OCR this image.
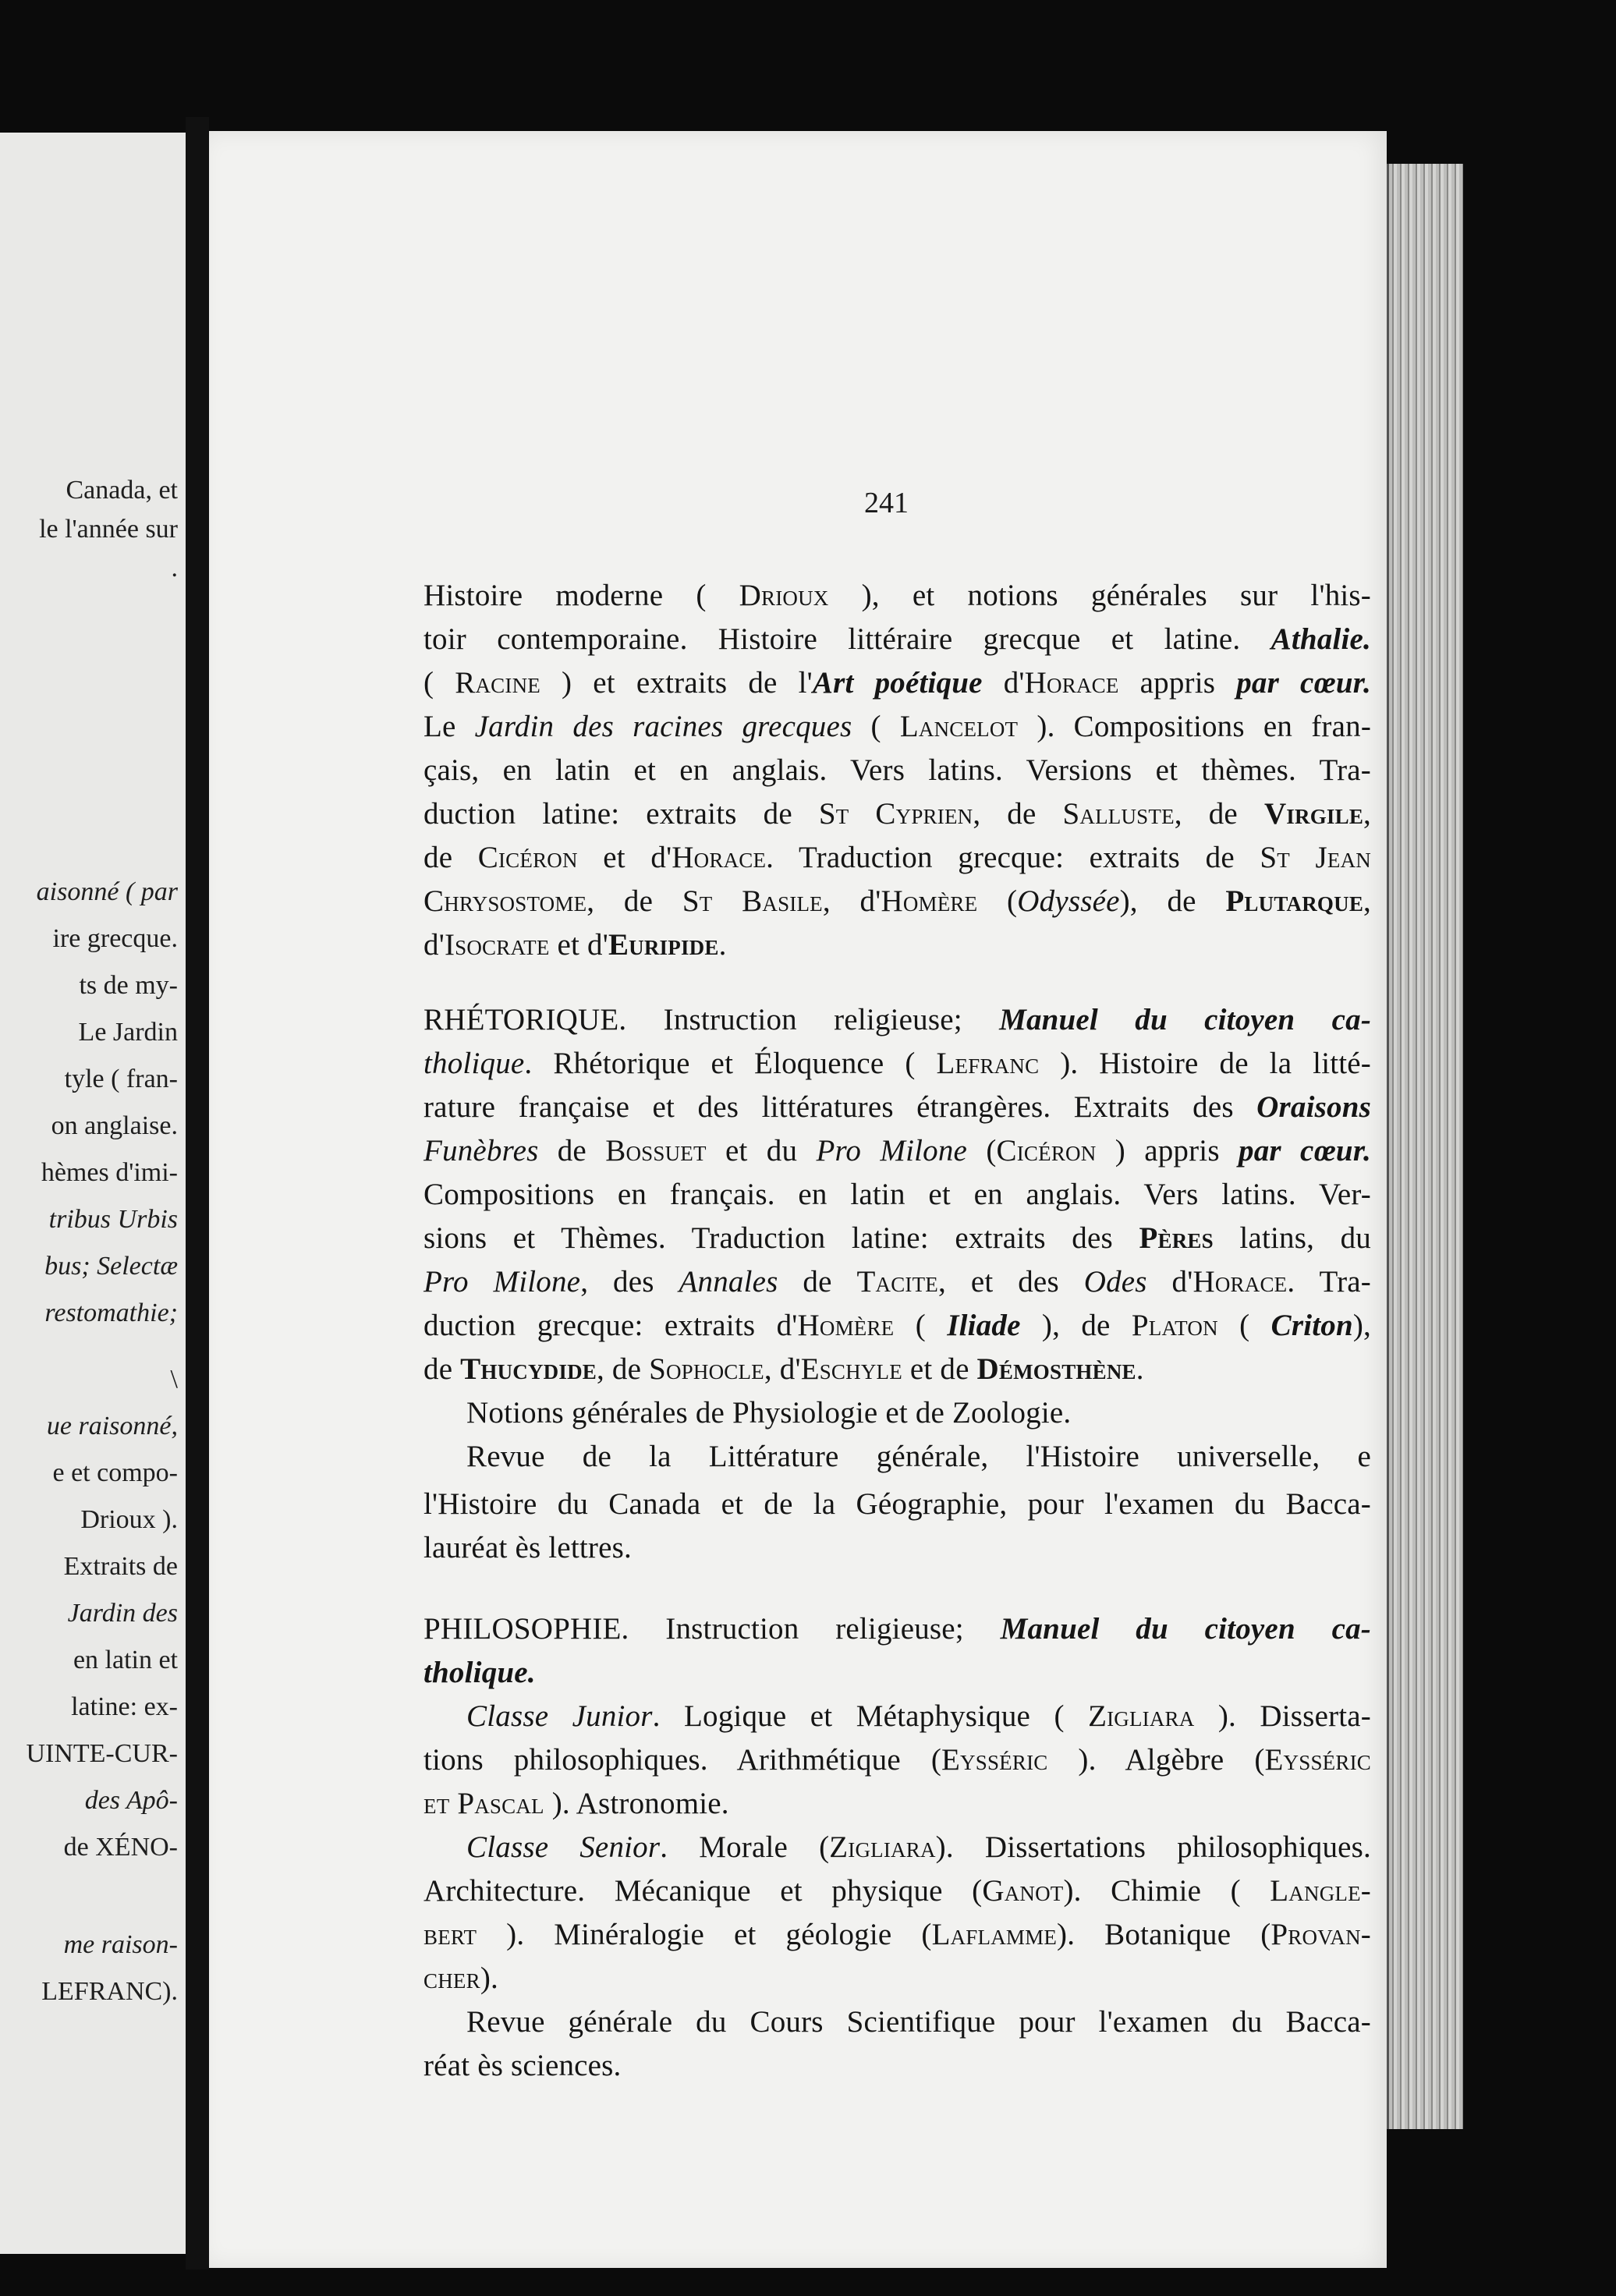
Canada, et
le l'année sur
.
aisonné ( par
ire grecque.
ts de my-
Le Jardin
tyle ( fran-
on anglaise.
hèmes d'imi-
tribus Urbis
bus; Selectæ
restomathie;
\
ue raisonné,
e et compo-
Drioux ).
Extraits de
Jardin des
en latin et
latine: ex-
UINTE-CUR-
des Apô-
de XÉNO-
me raison-
LEFRANC).
241
Histoire moderne ( Drioux ), et notions générales sur l'his-
toir contemporaine. Histoire littéraire grecque et latine. Athalie.
( Racine ) et extraits de l'Art poétique d'Horace appris par cœur.
Le Jardin des racines grecques ( Lancelot ). Compositions en fran-
çais, en latin et en anglais. Vers latins. Versions et thèmes. Tra-
duction latine: extraits de St Cyprien, de Salluste, de Virgile,
de Cicéron et d'Horace. Traduction grecque: extraits de St Jean
Chrysostome, de St Basile, d'Homère (Odyssée), de Plutarque,
d'Isocrate et d'Euripide.
RHÉTORIQUE. Instruction religieuse; Manuel du citoyen ca-
tholique. Rhétorique et Éloquence ( Lefranc ). Histoire de la litté-
rature française et des littératures étrangères. Extraits des Oraisons
Funèbres de Bossuet et du Pro Milone (Cicéron ) appris par cœur.
Compositions en français. en latin et en anglais. Vers latins. Ver-
sions et Thèmes. Traduction latine: extraits des Pères latins, du
Pro Milone, des Annales de Tacite, et des Odes d'Horace. Tra-
duction grecque: extraits d'Homère ( Iliade ), de Platon ( Criton),
de Thucydide, de Sophocle, d'Eschyle et de Démosthène.
Notions générales de Physiologie et de Zoologie.
Revue de la Littérature générale, l'Histoire universelle, e
l'Histoire du Canada et de la Géographie, pour l'examen du Bacca-
lauréat ès lettres.
PHILOSOPHIE. Instruction religieuse; Manuel du citoyen ca-
tholique.
Classe Junior. Logique et Métaphysique ( Zigliara ). Disserta-
tions philosophiques. Arithmétique (Eysséric ). Algèbre (Eysséric
et Pascal ). Astronomie.
Classe Senior. Morale (Zigliara). Dissertations philosophiques.
Architecture. Mécanique et physique (Ganot). Chimie ( Langle-
bert ). Minéralogie et géologie (Laflamme). Botanique (Provan-
cher).
Revue générale du Cours Scientifique pour l'examen du Bacca-
réat ès sciences.
